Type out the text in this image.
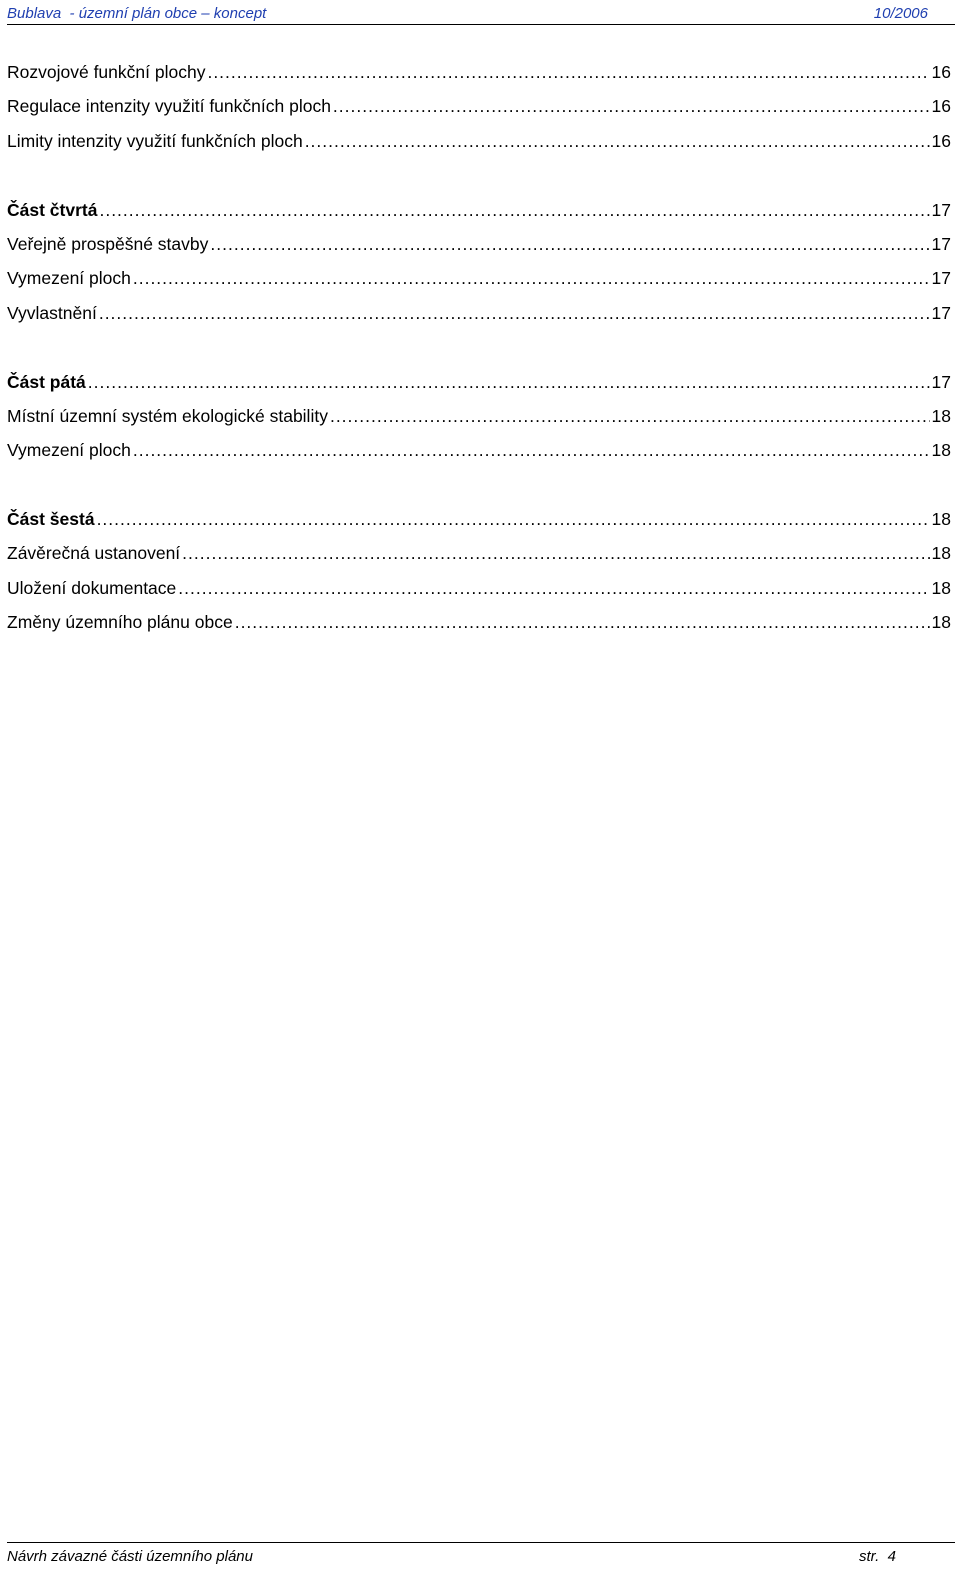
Bublava  - územní plán obce – koncept	10/2006
Rozvojové funkční plochy .....	16
Regulace intenzity využití funkčních ploch .....	16
Limity intenzity využití funkčních ploch .....	16
Část čtvrtá .....	17
Veřejně prospěšné stavby .....	17
Vymezení ploch .....	17
Vyvlastnění .....	17
Část pátá .....	17
Místní územní systém ekologické stability .....	18
Vymezení ploch .....	18
Část šestá .....	18
Závěrečná ustanovení .....	18
Uložení dokumentace .....	18
Změny územního plánu obce .....	18
Návrh závazné části územního plánu	str.  4
